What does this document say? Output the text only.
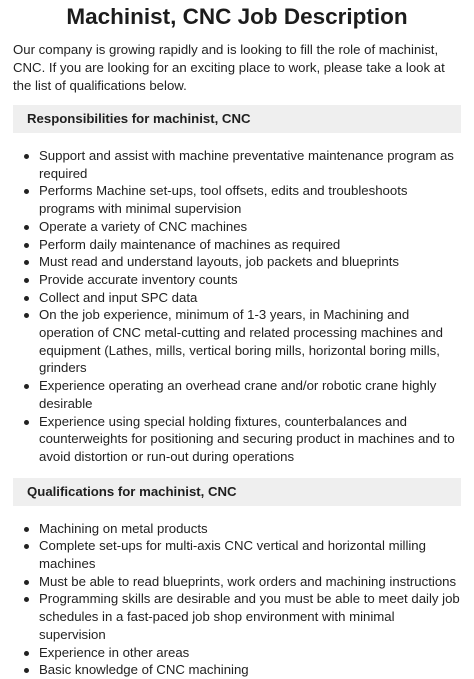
Machinist, CNC Job Description

Our company is growing rapidly and is looking to fill the role of machinist, CNC. If you are looking for an exciting place to work, please take a look at the list of qualifications below.

Responsibilities for machinist, CNC
Support and assist with machine preventative maintenance program as required
Performs Machine set-ups, tool offsets, edits and troubleshoots programs with minimal supervision
Operate a variety of CNC machines
Perform daily maintenance of machines as required
Must read and understand layouts, job packets and blueprints
Provide accurate inventory counts
Collect and input SPC data
On the job experience, minimum of 1-3 years, in Machining and operation of CNC metal-cutting and related processing machines and equipment (Lathes, mills, vertical boring mills, horizontal boring mills, grinders
Experience operating an overhead crane and/or robotic crane highly desirable
Experience using special holding fixtures, counterbalances and counterweights for positioning and securing product in machines and to avoid distortion or run-out during operations
Qualifications for machinist, CNC
Machining on metal products
Complete set-ups for multi-axis CNC vertical and horizontal milling machines
Must be able to read blueprints, work orders and machining instructions
Programming skills are desirable and you must be able to meet daily job schedules in a fast-paced job shop environment with minimal supervision
Experience in other areas
Basic knowledge of CNC machining
